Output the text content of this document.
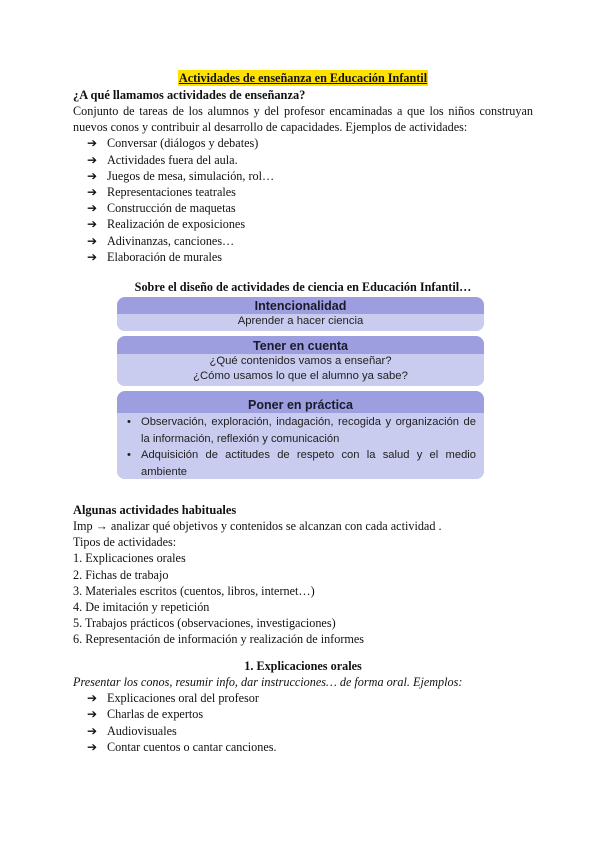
Actividades de enseñanza en Educación Infantil
¿A qué llamamos actividades de enseñanza?
Conjunto de tareas de los alumnos y del profesor encaminadas a que los niños construyan nuevos conos y contribuir al desarrollo de capacidades. Ejemplos de actividades:
➔ Conversar (diálogos y debates)
➔ Actividades fuera del aula.
➔ Juegos de mesa, simulación, rol…
➔ Representaciones teatrales
➔ Construcción de maquetas
➔ Realización de exposiciones
➔ Adivinanzas, canciones…
➔ Elaboración de murales
Sobre el diseño de actividades de ciencia en Educación Infantil…
Intencionalidad
Aprender a hacer ciencia
Tener en cuenta
¿Qué contenidos vamos a enseñar?
¿Cómo usamos lo que el alumno ya sabe?
Poner en práctica
• Observación, exploración, indagación, recogida y organización de la información, reflexión y comunicación
• Adquisición de actitudes de respeto con la salud y el medio ambiente
Algunas actividades habituales
Imp → analizar qué objetivos y contenidos se alcanzan con cada actividad .
Tipos de actividades:
1. Explicaciones orales
2. Fichas de trabajo
3. Materiales escritos (cuentos, libros, internet…)
4. De imitación y repetición
5. Trabajos prácticos (observaciones, investigaciones)
6. Representación de información y realización de informes
1. Explicaciones orales
Presentar los conos, resumir info, dar instrucciones… de forma oral. Ejemplos:
➔ Explicaciones oral del profesor
➔ Charlas de expertos
➔ Audiovisuales
➔ Contar cuentos o cantar canciones.
